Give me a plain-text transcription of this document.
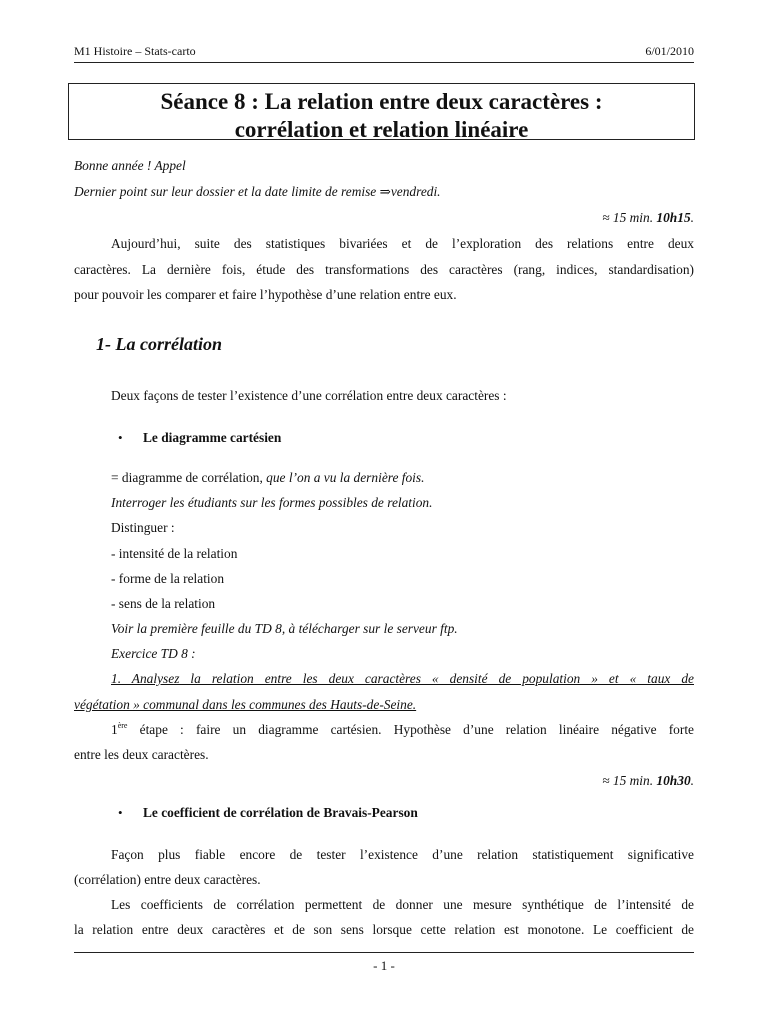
M1 Histoire – Stats-carto	6/01/2010
Séance 8 : La relation entre deux caractères :
corrélation et relation linéaire
Bonne année ! Appel
Dernier point sur leur dossier et la date limite de remise ⇒vendredi.
≈ 15 min. 10h15.
Aujourd’hui, suite des statistiques bivariées et de l’exploration des relations entre deux
caractères. La dernière fois, étude des transformations des caractères (rang, indices, standardisation)
pour pouvoir les comparer et faire l’hypothèse d’une relation entre eux.
1- La corrélation
Deux façons de tester l’existence d’une corrélation entre deux caractères :
• Le diagramme cartésien
= diagramme de corrélation, que l’on a vu la dernière fois.
Interroger les étudiants sur les formes possibles de relation.
Distinguer :
- intensité de la relation
- forme de la relation
- sens de la relation
Voir la première feuille du TD 8, à télécharger sur le serveur ftp.
Exercice TD 8 :
1. Analysez la relation entre les deux caractères « densité de population » et « taux de
végétation » communal dans les communes des Hauts-de-Seine.
1ère étape : faire un diagramme cartésien. Hypothèse d’une relation linéaire négative forte
entre les deux caractères.
≈ 15 min. 10h30.
• Le coefficient de corrélation de Bravais-Pearson
Façon plus fiable encore de tester l’existence d’une relation statistiquement significative
(corrélation) entre deux caractères.
Les coefficients de corrélation permettent de donner une mesure synthétique de l’intensité de
la relation entre deux caractères et de son sens lorsque cette relation est monotone. Le coefficient de
- 1 -
